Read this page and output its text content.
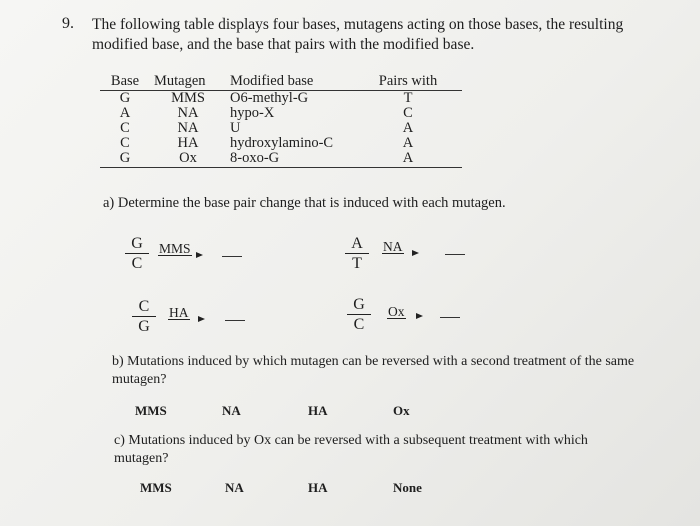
9. The following table displays four bases, mutagens acting on those bases, the resulting modified base, and the base that pairs with the modified base.
Base	Mutagen	Modified base	Pairs with
G	MMS	O6-methyl-G	T
A	NA	hypo-X	C
C	NA	U	A
C	HA	hydroxylamino-C	A
G	Ox	8-oxo-G	A
a) Determine the base pair change that is induced with each mutagen.
$\frac{G}{C}$ MMS	$\frac{A}{T}$ NA
$\frac{C}{G}$ HA	$\frac{G}{C}$ Ox
b) Mutations induced by which mutagen can be reversed with a second treatment of the same mutagen?
MMS	NA	HA	Ox
c) Mutations induced by Ox can be reversed with a subsequent treatment with which mutagen?
MMS	NA	HA	None
